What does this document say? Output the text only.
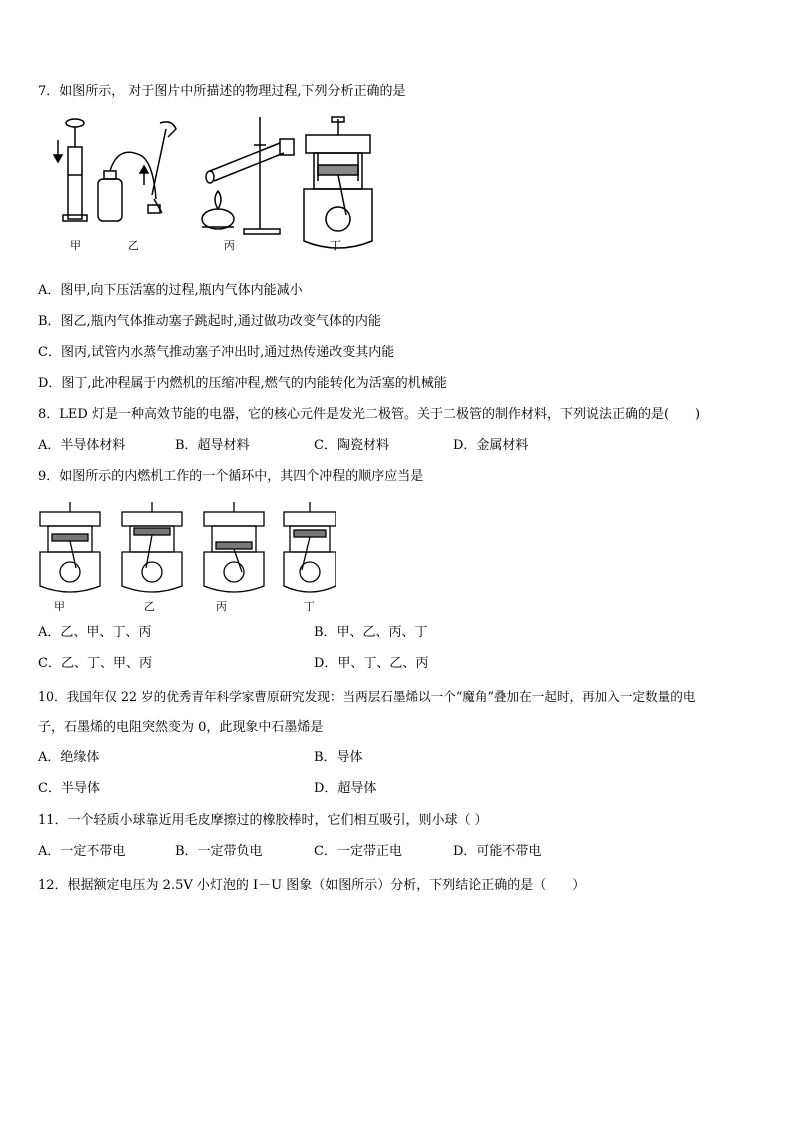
7．如图所示， 对于图片中所描述的物理过程,下列分析正确的是
甲	乙	丙	丁
A．图甲,向下压活塞的过程,瓶内气体内能减小
B．图乙,瓶内气体推动塞子跳起时,通过做功改变气体的内能
C．图丙,试管内水蒸气推动塞子冲出时,通过热传递改变其内能
D．图丁,此冲程属于内燃机的压缩冲程,燃气的内能转化为活塞的机械能
8．LED 灯是一种高效节能的电器，它的核心元件是发光二极管。关于二极管的制作材料，下列说法正确的是(　　)
A．半导体材料	B．超导材料	C．陶瓷材料	D．金属材料
9．如图所示的内燃机工作的一个循环中，其四个冲程的顺序应当是
甲	乙	丙	丁
A．乙、甲、丁、丙	B．甲、乙、丙、丁
C．乙、丁、甲、丙	D．甲、丁、乙、丙
10．我国年仅 22 岁的优秀青年科学家曹原研究发现：当两层石墨烯以一个“魔角”叠加在一起时，再加入一定数量的电
子，石墨烯的电阻突然变为 0，此现象中石墨烯是
A．绝缘体	B．导体
C．半导体	D．超导体
11．一个轻质小球靠近用毛皮摩擦过的橡胶棒时，它们相互吸引，则小球（ ）
A．一定不带电	B．一定带负电	C．一定带正电	D．可能不带电
12．根据额定电压为 2.5V 小灯泡的 I－U 图象（如图所示）分析，下列结论正确的是（　　）
